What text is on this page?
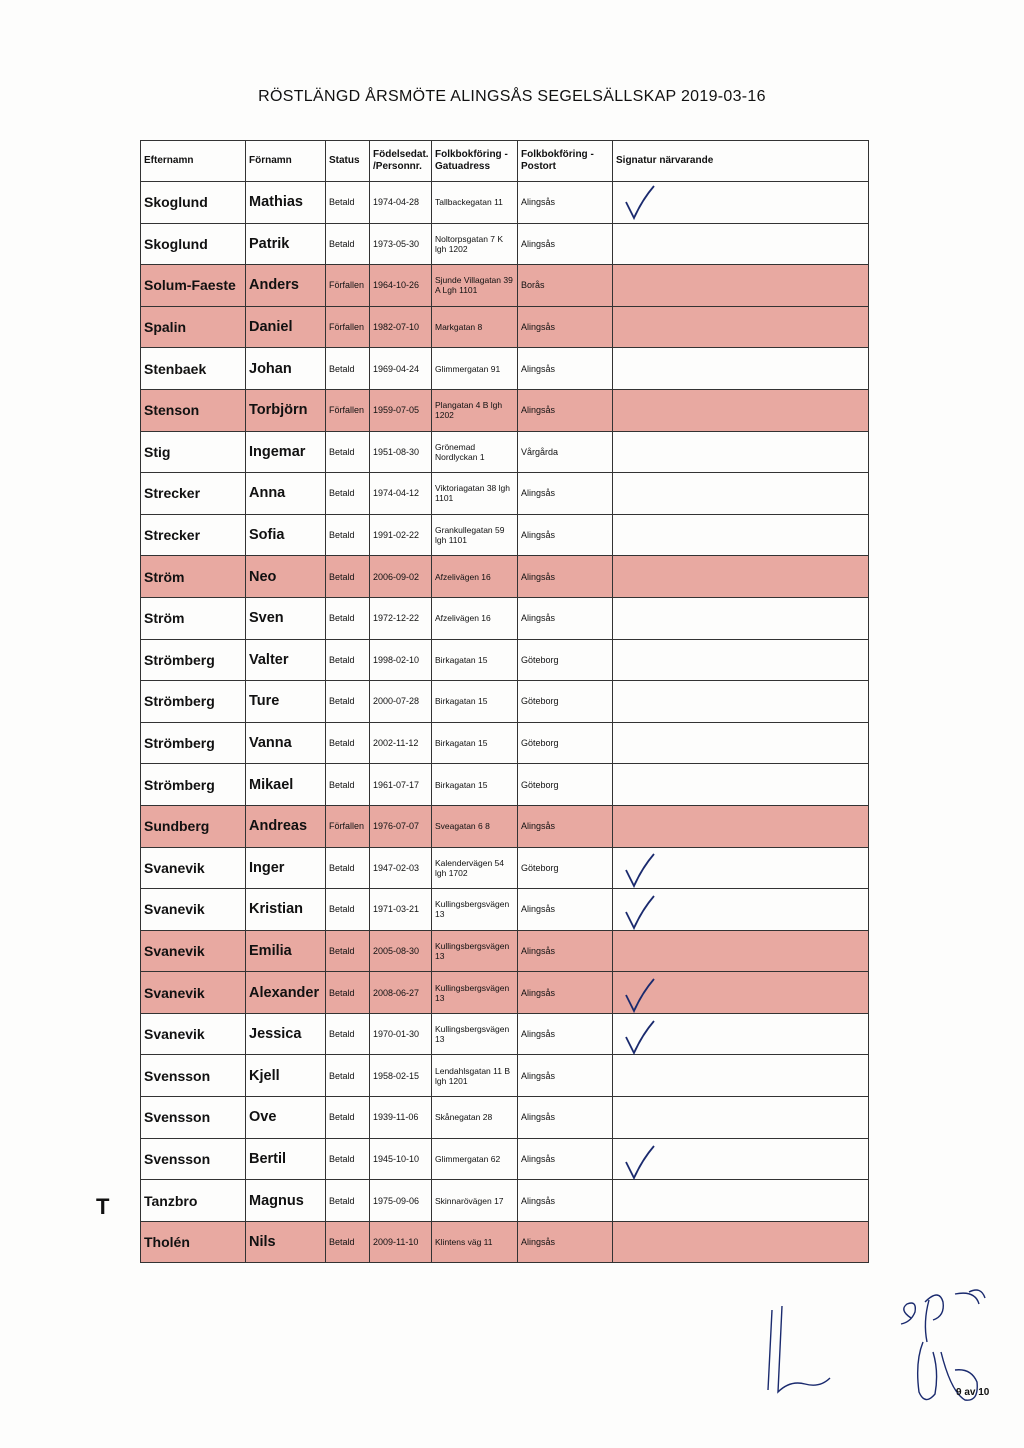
RÖSTLÄNGD ÅRSMÖTE ALINGSÅS SEGELSÄLLSKAP 2019-03-16
Efternamn	Förnamn	Status	Födelsedat. /Personnr.	Folkbokföring - Gatuadress	Folkbokföring - Postort	Signatur närvarande
Skoglund	Mathias	Betald	1974-04-28	Tallbackegatan 11	Alingsås	
Skoglund	Patrik	Betald	1973-05-30	Noltorpsgatan 7 K lgh 1202	Alingsås	
Solum-Faeste	Anders	Förfallen	1964-10-26	Sjunde Villagatan 39 A Lgh 1101	Borås	
Spalin	Daniel	Förfallen	1982-07-10	Markgatan 8	Alingsås	
Stenbaek	Johan	Betald	1969-04-24	Glimmergatan 91	Alingsås	
Stenson	Torbjörn	Förfallen	1959-07-05	Plangatan 4 B lgh 1202	Alingsås	
Stig	Ingemar	Betald	1951-08-30	Grönemad Nordlyckan 1	Vårgårda	
Strecker	Anna	Betald	1974-04-12	Viktoriagatan 38 lgh 1101	Alingsås	
Strecker	Sofia	Betald	1991-02-22	Grankullegatan 59 lgh 1101	Alingsås	
Ström	Neo	Betald	2006-09-02	Afzelivägen 16	Alingsås	
Ström	Sven	Betald	1972-12-22	Afzelivägen 16	Alingsås	
Strömberg	Valter	Betald	1998-02-10	Birkagatan 15	Göteborg	
Strömberg	Ture	Betald	2000-07-28	Birkagatan 15	Göteborg	
Strömberg	Vanna	Betald	2002-11-12	Birkagatan 15	Göteborg	
Strömberg	Mikael	Betald	1961-07-17	Birkagatan 15	Göteborg	
Sundberg	Andreas	Förfallen	1976-07-07	Sveagatan 6 8	Alingsås	
Svanevik	Inger	Betald	1947-02-03	Kalendervägen 54 lgh 1702	Göteborg	
Svanevik	Kristian	Betald	1971-03-21	Kullingsbergsvägen 13	Alingsås	
Svanevik	Emilia	Betald	2005-08-30	Kullingsbergsvägen 13	Alingsås	
Svanevik	Alexander	Betald	2008-06-27	Kullingsbergsvägen 13	Alingsås	
Svanevik	Jessica	Betald	1970-01-30	Kullingsbergsvägen 13	Alingsås	
Svensson	Kjell	Betald	1958-02-15	Lendahlsgatan 11 B lgh 1201	Alingsås	
Svensson	Ove	Betald	1939-11-06	Skånegatan 28	Alingsås	
Svensson	Bertil	Betald	1945-10-10	Glimmergatan 62	Alingsås	
Tanzbro	Magnus	Betald	1975-09-06	Skinnarövägen 17	Alingsås	
Tholén	Nils	Betald	2009-11-10	Klintens väg 11	Alingsås	
T
9 av 10
